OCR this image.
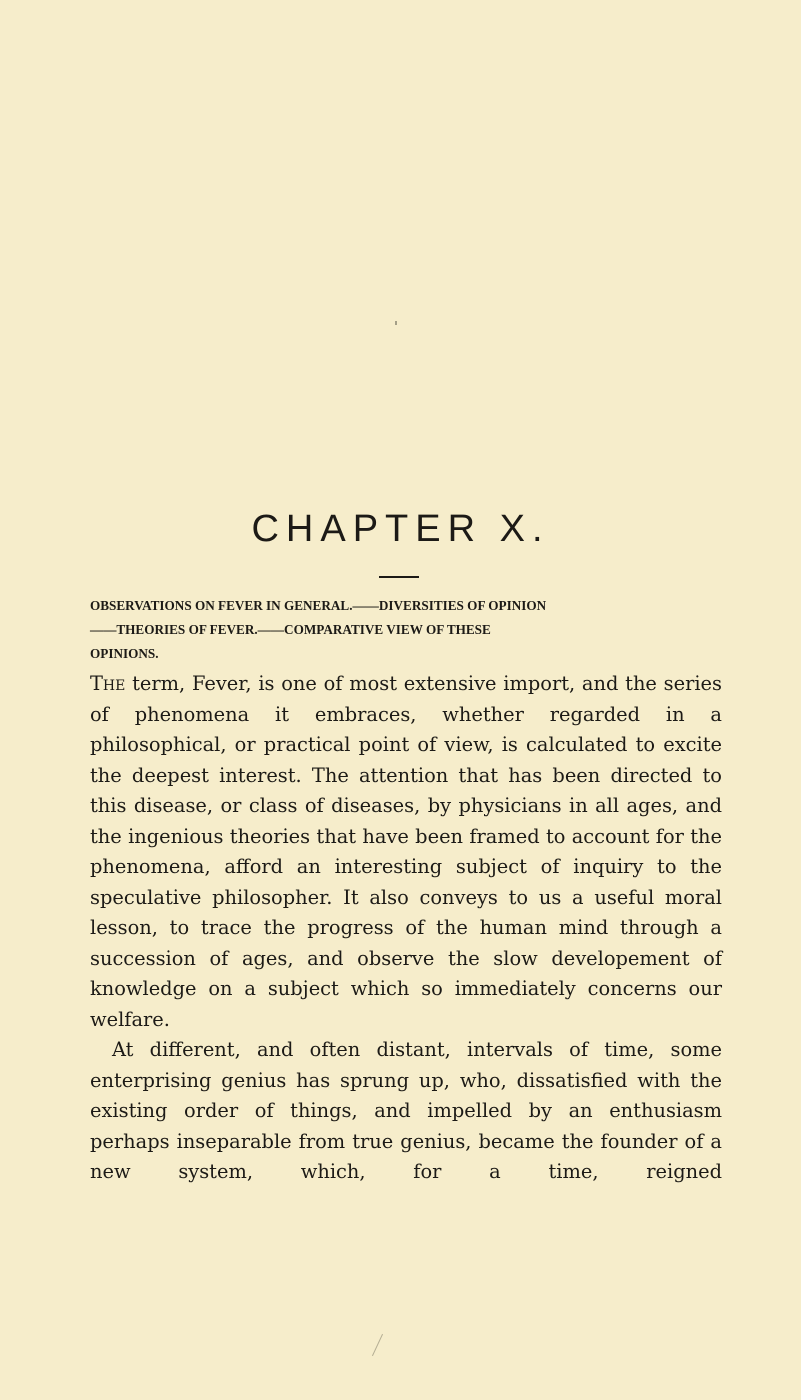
CHAPTER X.
OBSERVATIONS ON FEVER IN GENERAL.——DIVERSITIES OF OPINION
——THEORIES OF FEVER.——COMPARATIVE VIEW OF THESE
OPINIONS.

The term, Fever, is one of most extensive import, and the series of phenomena it embraces, whether regarded in a philosophical, or practical point of view, is calculated to excite the deepest interest. The attention that has been directed to this disease, or class of diseases, by physicians in all ages, and the ingenious theories that have been framed to account for the phenomena, afford an interesting subject of inquiry to the speculative philosopher. It also conveys to us a useful moral lesson, to trace the progress of the human mind through a succession of ages, and observe the slow developement of knowledge on a subject which so immediately concerns our welfare.

At different, and often distant, intervals of time, some enterprising genius has sprung up, who, dissatisfied with the existing order of things, and impelled by an enthusiasm perhaps inseparable from true genius, became the founder of a new system, which, for a time, reigned
